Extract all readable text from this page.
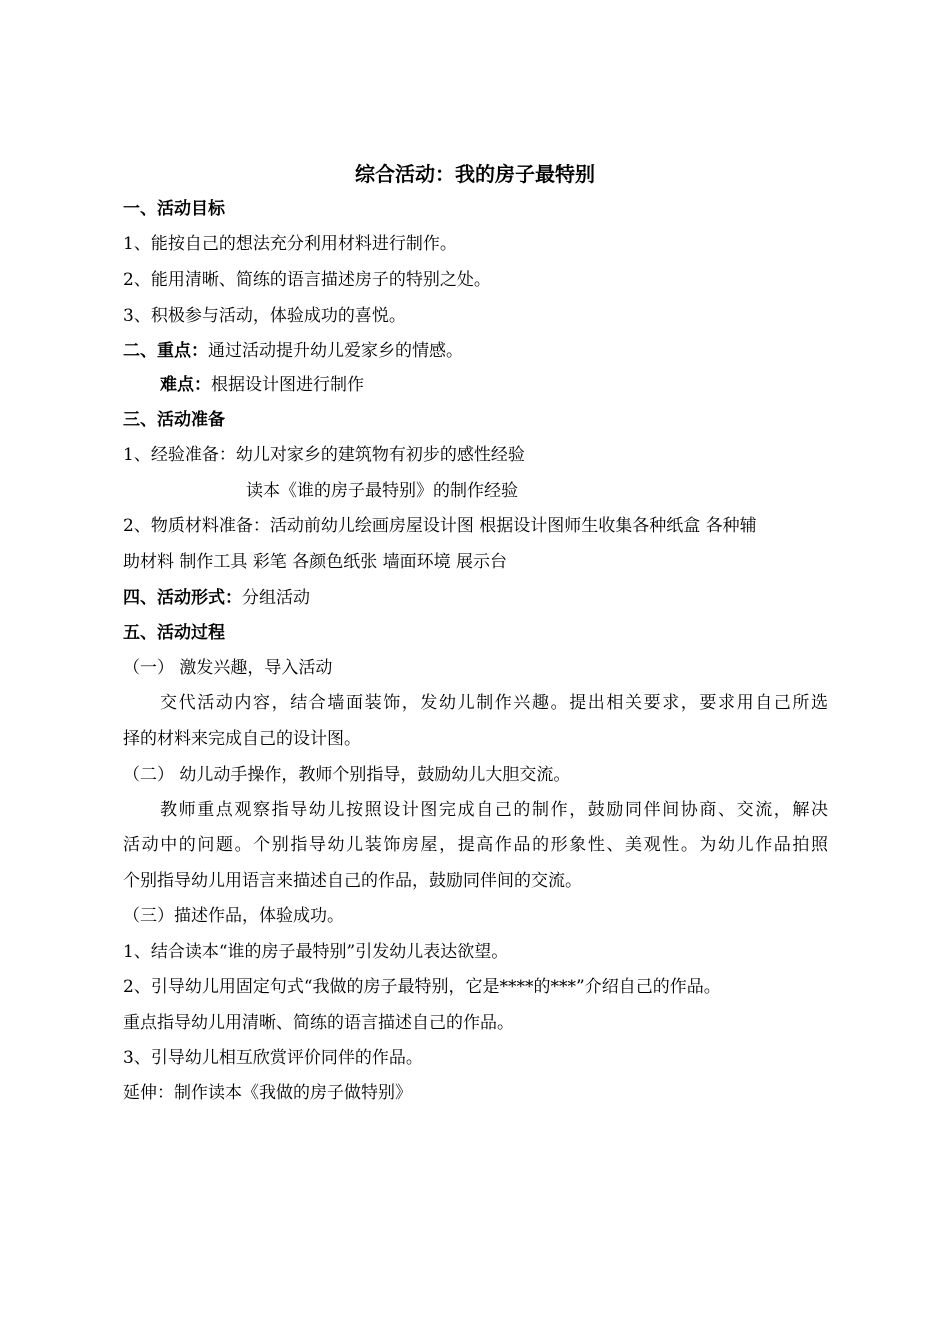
综合活动：我的房子最特别
一、活动目标
1、能按自己的想法充分利用材料进行制作。
2、能用清晰、简练的语言描述房子的特别之处。
3、积极参与活动，体验成功的喜悦。
二、重点：通过活动提升幼儿爱家乡的情感。
难点：根据设计图进行制作
三、活动准备
1、经验准备：幼儿对家乡的建筑物有初步的感性经验
读本《谁的房子最特别》的制作经验
2、物质材料准备：活动前幼儿绘画房屋设计图 根据设计图师生收集各种纸盒 各种辅
助材料 制作工具 彩笔 各颜色纸张 墙面环境 展示台
四、活动形式：分组活动
五、活动过程
（一） 激发兴趣，导入活动
交代活动内容，结合墙面装饰，发幼儿制作兴趣。提出相关要求，要求用自己所选
择的材料来完成自己的设计图。
（二） 幼儿动手操作，教师个别指导，鼓励幼儿大胆交流。
教师重点观察指导幼儿按照设计图完成自己的制作，鼓励同伴间协商、交流，解决
活动中的问题。个别指导幼儿装饰房屋，提高作品的形象性、美观性。为幼儿作品拍照
个别指导幼儿用语言来描述自己的作品，鼓励同伴间的交流。
（三）描述作品，体验成功。
1、结合读本“谁的房子最特别”引发幼儿表达欲望。
2、引导幼儿用固定句式“我做的房子最特别，它是****的***”介绍自己的作品。
重点指导幼儿用清晰、简练的语言描述自己的作品。
3、引导幼儿相互欣赏评价同伴的作品。
延伸：制作读本《我做的房子做特别》
